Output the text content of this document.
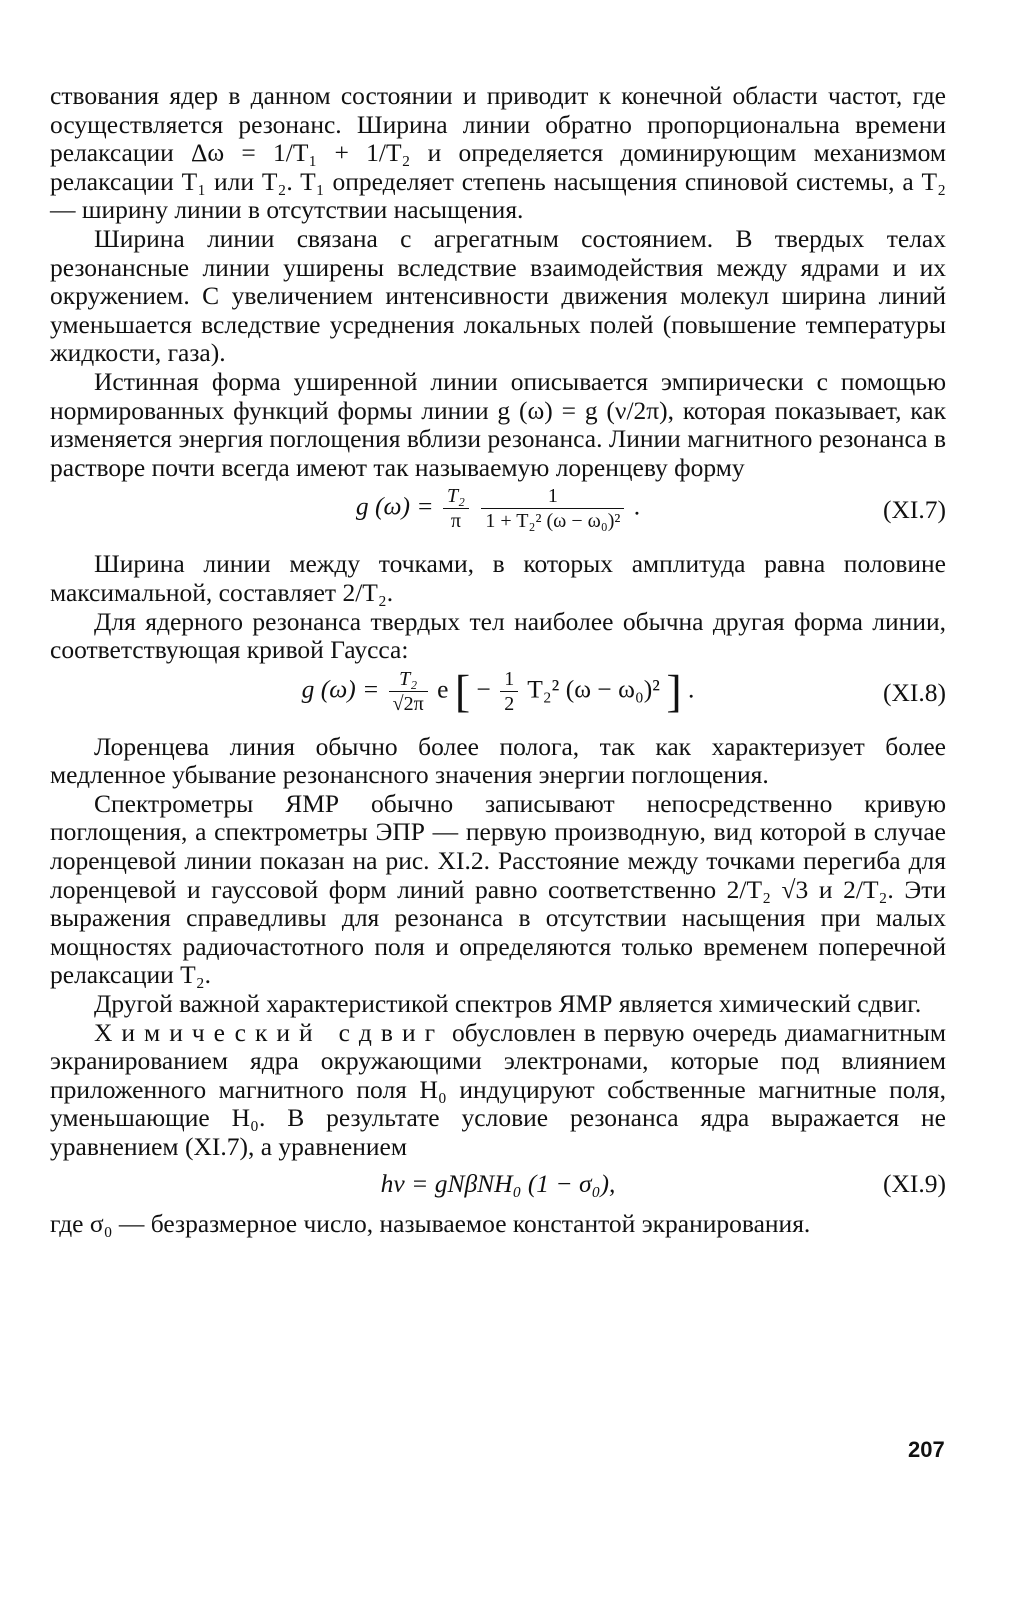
ствования ядер в данном состоянии и приводит к конечной области частот, где осуществляется резонанс. Ширина линии обратно пропорциональна времени релаксации Δω = 1/T₁ + 1/T₂ и определяется доминирующим механизмом релаксации T₁ или T₂. T₁ определяет степень насыщения спиновой системы, а T₂ — ширину линии в отсутствии насыщения.

Ширина линии связана с агрегатным состоянием. В твердых телах резонансные линии уширены вследствие взаимодействия между ядрами и их окружением. С увеличением интенсивности движения молекул ширина линий уменьшается вследствие усреднения локальных полей (повышение температуры жидкости, газа).

Истинная форма уширенной линии описывается эмпирически с помощью нормированных функций формы линии g (ω) = g (ν/2π), которая показывает, как изменяется энергия поглощения вблизи резонанса. Линии магнитного резонанса в растворе почти всегда имеют так называемую лоренцеву форму

g $(\omega) = \frac{\text{T₂}}{\pi}$
$\frac{1}{\text{1 + T₂² (ω − ω₀)²}}$ .	(XI.7)

Ширина линии между точками, в которых амплитуда равна половине максимальной, составляет 2/T₂.

Для ядерного резонанса твердых тел наиболее обычна другая форма линии, соответствующая кривой Гаусса:

g $(\omega) = \frac{\text{T₂}}{√2\pi}$ e [ − $\frac{1}{2} T_2^2$ (ω − ω₀)² ] .	(XI.8)

Лоренцева линия обычно более полога, так как характеризует более медленное убывание резонансного значения энергии поглощения.

Спектрометры ЯМР обычно записывают непосредственно кривую поглощения, а спектрометры ЭПР — первую производную, вид которой в случае лоренцевой линии показан на рис. XI.2. Расстояние между точками перегиба для лоренцевой и гауссовой форм линий равно соответственно 2/T₂ √3 и 2/T₂. Эти выражения справедливы для резонанса в отсутствии насыщения при малых мощностях радиочастотного поля и определяются только временем поперечной релаксации T₂.

Другой важной характеристикой спектров ЯМР является химический сдвиг.

Химический сдвиг обусловлен в первую очередь диамагнитным экранированием ядра окружающими электронами, которые под влиянием приложенного магнитного поля H₀ индуцируют собственные магнитные поля, уменьшающие H₀. В результате условие резонанса ядра выражается не уравнением (XI.7), а уравнением

hν = gNβNH₀ (1 − σ₀),	(XI.9)

где σ₀ — безразмерное число, называемое константой экранирования.

207
